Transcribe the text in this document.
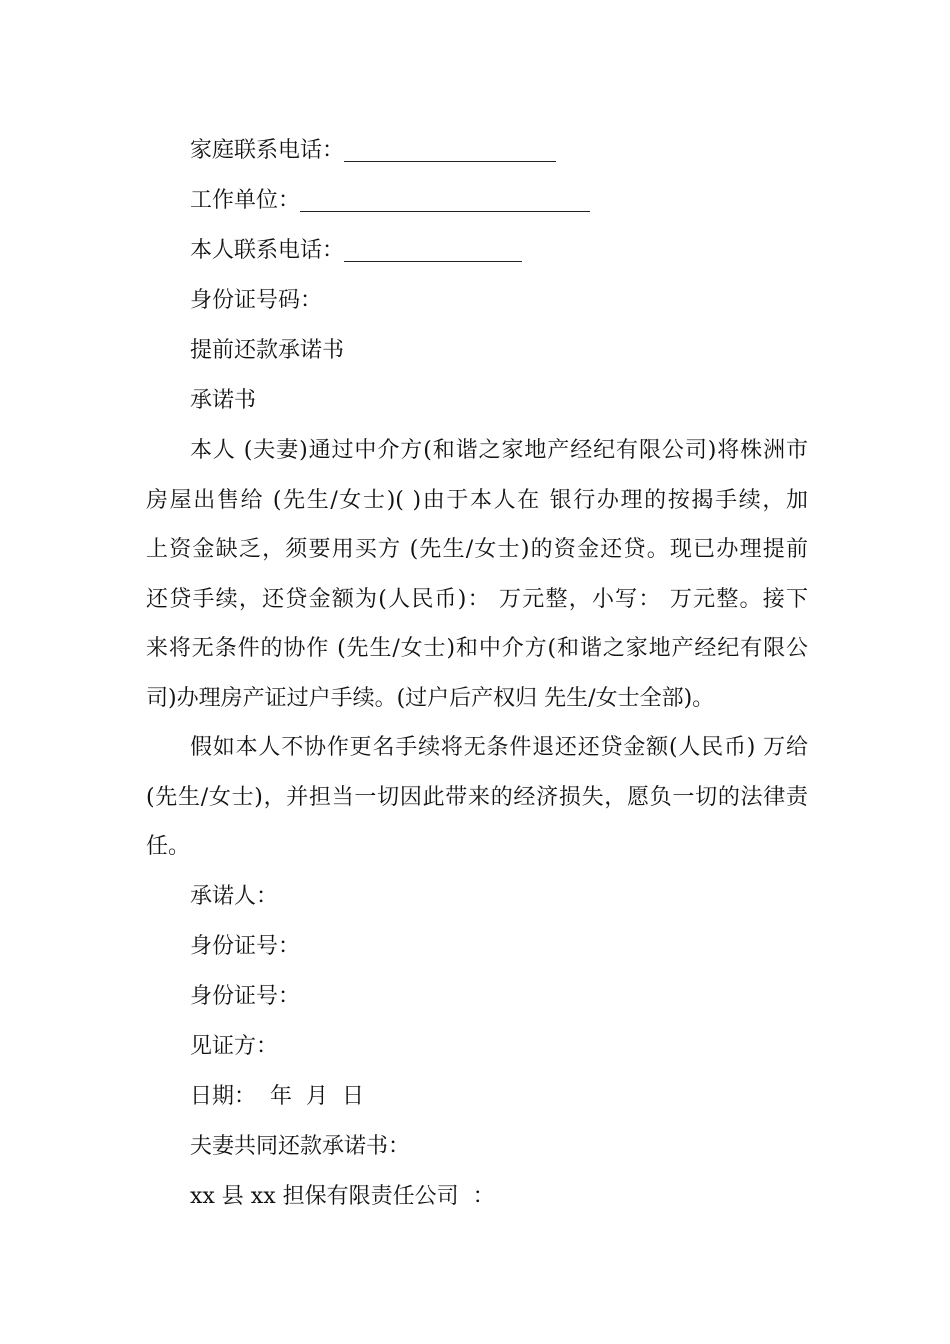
家庭联系电话：
工作单位：
本人联系电话：
身份证号码：
提前还款承诺书
承诺书
本人 (夫妻)通过中介方(和谐之家地产经纪有限公司)将株洲市
房屋出售给 (先生/女士)( )由于本人在 银行办理的按揭手续，加
上资金缺乏，须要用买方 (先生/女士)的资金还贷。现已办理提前
还贷手续，还贷金额为(人民币)： 万元整，小写： 万元整。接下
来将无条件的协作 (先生/女士)和中介方(和谐之家地产经纪有限公
司)办理房产证过户手续。(过户后产权归 先生/女士全部)。
假如本人不协作更名手续将无条件退还还贷金额(人民币) 万给
(先生/女士)，并担当一切因此带来的经济损失，愿负一切的法律责
任。
承诺人：
身份证号：
身份证号：
见证方：
日期：  年  月  日
夫妻共同还款承诺书：
xx 县 xx 担保有限责任公司  ：
